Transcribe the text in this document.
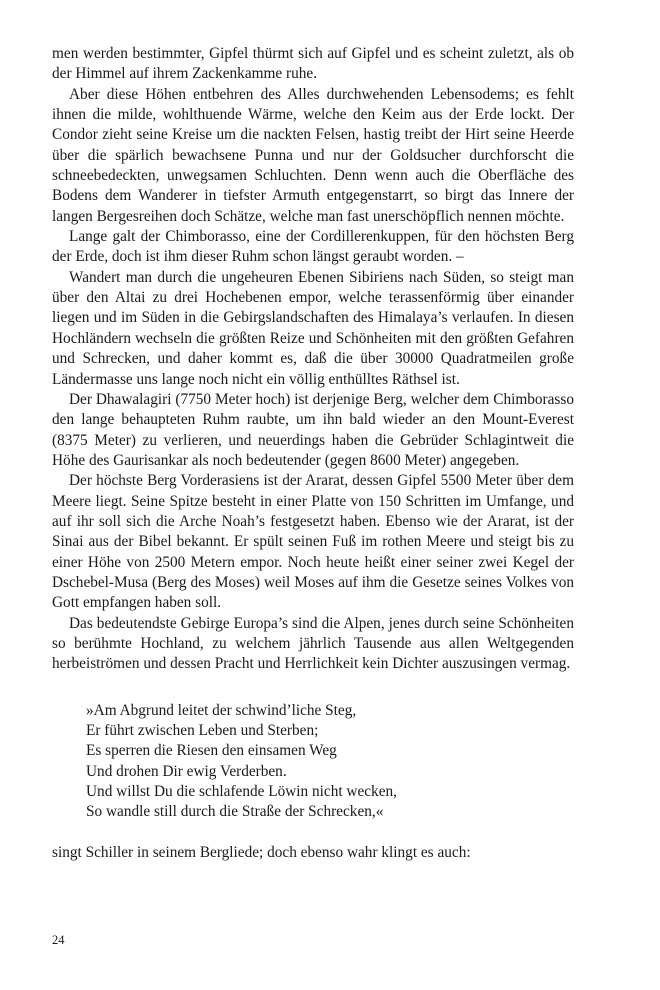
men werden bestimmter, Gipfel thürmt sich auf Gipfel und es scheint zuletzt, als ob der Himmel auf ihrem Zackenkamme ruhe.

Aber diese Höhen entbehren des Alles durchwehenden Lebensodems; es fehlt ihnen die milde, wohlthuende Wärme, welche den Keim aus der Erde lockt. Der Condor zieht seine Kreise um die nackten Felsen, hastig treibt der Hirt seine Heerde über die spärlich bewachsene Punna und nur der Goldsucher durchforscht die schneebedeckten, unwegsamen Schluchten. Denn wenn auch die Oberfläche des Bodens dem Wanderer in tiefster Armuth entgegenstarrt, so birgt das Innere der langen Bergesreihen doch Schätze, welche man fast unerschöpflich nennen möchte.

Lange galt der Chimborasso, eine der Cordillerenkuppen, für den höchsten Berg der Erde, doch ist ihm dieser Ruhm schon längst geraubt worden. –

Wandert man durch die ungeheuren Ebenen Sibiriens nach Süden, so steigt man über den Altai zu drei Hochebenen empor, welche terassenförmig über einander liegen und im Süden in die Gebirgslandschaften des Himalaya’s verlaufen. In diesen Hochländern wechseln die größten Reize und Schönheiten mit den größten Gefahren und Schrecken, und daher kommt es, daß die über 30000 Quadratmeilen große Ländermasse uns lange noch nicht ein völlig enthülltes Räthsel ist.

Der Dhawalagiri (7750 Meter hoch) ist derjenige Berg, welcher dem Chimborasso den lange behaupteten Ruhm raubte, um ihn bald wieder an den Mount-Everest (8375 Meter) zu verlieren, und neuerdings haben die Gebrüder Schlagintweit die Höhe des Gaurisankar als noch bedeutender (gegen 8600 Meter) angegeben.

Der höchste Berg Vorderasiens ist der Ararat, dessen Gipfel 5500 Meter über dem Meere liegt. Seine Spitze besteht in einer Platte von 150 Schritten im Umfange, und auf ihr soll sich die Arche Noah’s festgesetzt haben. Ebenso wie der Ararat, ist der Sinai aus der Bibel bekannt. Er spült seinen Fuß im rothen Meere und steigt bis zu einer Höhe von 2500 Metern empor. Noch heute heißt einer seiner zwei Kegel der Dschebel-Musa (Berg des Moses) weil Moses auf ihm die Gesetze seines Volkes von Gott empfangen haben soll.

Das bedeutendste Gebirge Europa’s sind die Alpen, jenes durch seine Schönheiten so berühmte Hochland, zu welchem jährlich Tausende aus allen Weltgegenden herbeiströmen und dessen Pracht und Herrlichkeit kein Dichter auszusingen vermag.

»Am Abgrund leitet der schwind’liche Steg,
Er führt zwischen Leben und Sterben;
Es sperren die Riesen den einsamen Weg
Und drohen Dir ewig Verderben.
Und willst Du die schlafende Löwin nicht wecken,
So wandle still durch die Straße der Schrecken,«

singt Schiller in seinem Bergliede; doch ebenso wahr klingt es auch:

24
